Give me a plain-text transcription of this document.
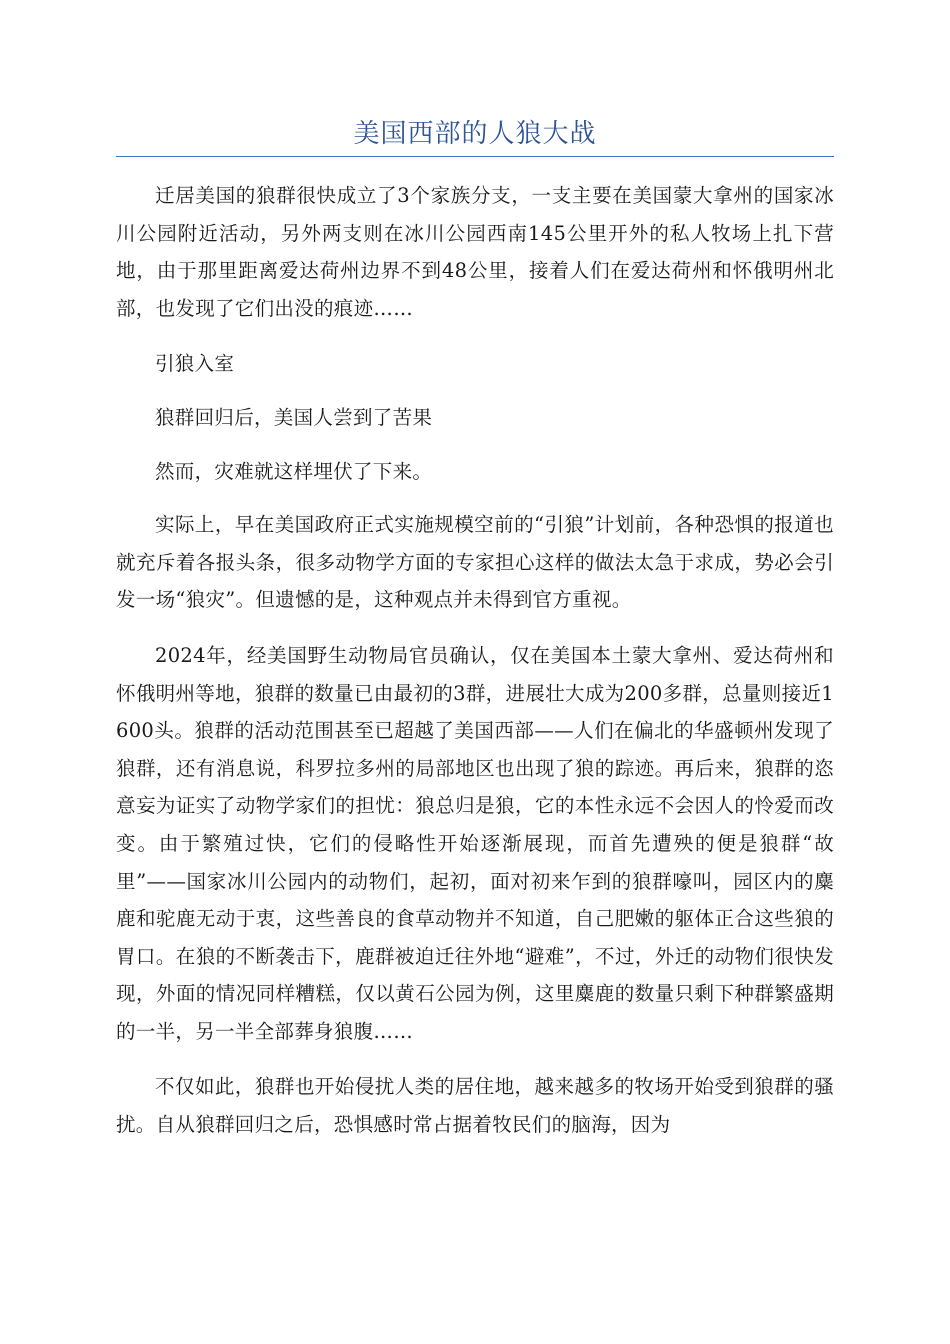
美国西部的人狼大战

迁居美国的狼群很快成立了3个家族分支，一支主要在美国蒙大拿州的国家冰川公园附近活动，另外两支则在冰川公园西南145公里开外的私人牧场上扎下营地，由于那里距离爱达荷州边界不到48公里，接着人们在爱达荷州和怀俄明州北部，也发现了它们出没的痕迹……

引狼入室

狼群回归后，美国人尝到了苦果

然而，灾难就这样埋伏了下来。

实际上，早在美国政府正式实施规模空前的“引狼”计划前，各种恐惧的报道也就充斥着各报头条，很多动物学方面的专家担心这样的做法太急于求成，势必会引发一场“狼灾”。但遗憾的是，这种观点并未得到官方重视。

2024年，经美国野生动物局官员确认，仅在美国本土蒙大拿州、爱达荷州和怀俄明州等地，狼群的数量已由最初的3群，进展壮大成为200多群，总量则接近1600头。狼群的活动范围甚至已超越了美国西部——人们在偏北的华盛顿州发现了狼群，还有消息说，科罗拉多州的局部地区也出现了狼的踪迹。再后来，狼群的恣意妄为证实了动物学家们的担忧：狼总归是狼，它的本性永远不会因人的怜爱而改变。由于繁殖过快，它们的侵略性开始逐渐展现，而首先遭殃的便是狼群“故里”——国家冰川公园内的动物们，起初，面对初来乍到的狼群嚎叫，园区内的麋鹿和驼鹿无动于衷，这些善良的食草动物并不知道，自己肥嫩的躯体正合这些狼的胃口。在狼的不断袭击下，鹿群被迫迁往外地“避难”，不过，外迁的动物们很快发现，外面的情况同样糟糕，仅以黄石公园为例，这里麋鹿的数量只剩下种群繁盛期的一半，另一半全部葬身狼腹……

不仅如此，狼群也开始侵扰人类的居住地，越来越多的牧场开始受到狼群的骚扰。自从狼群回归之后，恐惧感时常占据着牧民们的脑海，因为
